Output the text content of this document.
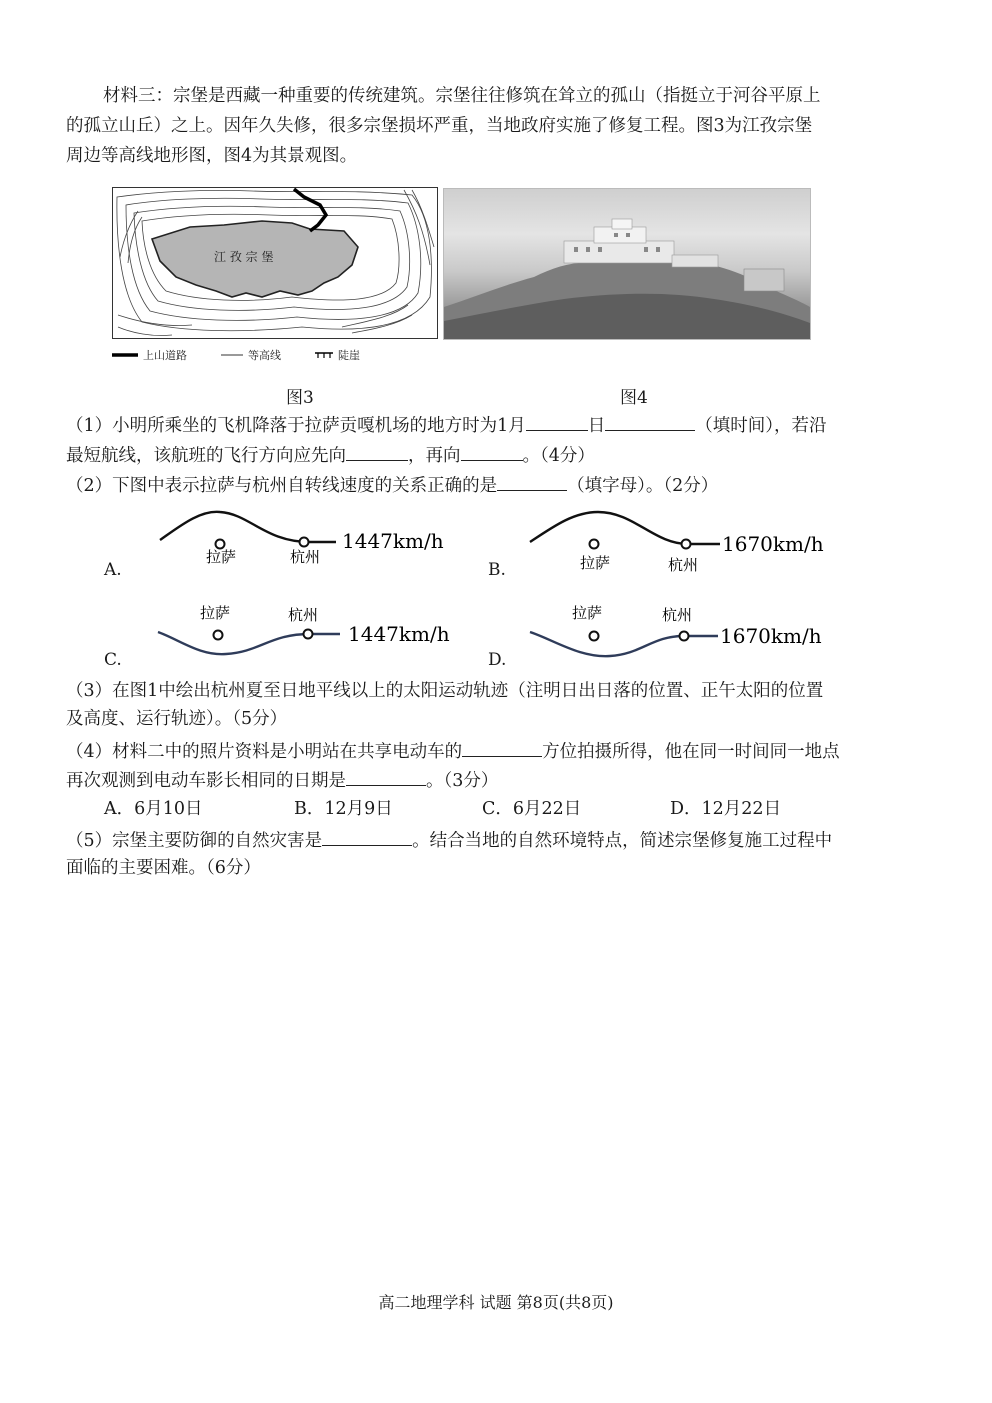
材料三：宗堡是西藏一种重要的传统建筑。宗堡往往修筑在耸立的孤山（指挺立于河谷平原上
的孤立山丘）之上。因年久失修，很多宗堡损坏严重，当地政府实施了修复工程。图3为江孜宗堡
周边等高线地形图，图4为其景观图。
江 孜 宗 堡
上山道路	等高线	陡崖
图3	图4
（1）小明所乘坐的飞机降落于拉萨贡嘎机场的地方时为1月	日	（填时间），若沿
最短航线，该航班的飞行方向应先向	，再向	。（4分）
（2）下图中表示拉萨与杭州自转线速度的关系正确的是	（填字母）。（2分）
A.
拉萨	杭州
1447km/h
B.	拉萨	杭州
1670km/h
C.
拉萨	杭州
1447km/h
D.
拉萨	杭州
1670km/h
（3）在图1中绘出杭州夏至日地平线以上的太阳运动轨迹（注明日出日落的位置、正午太阳的位置
及高度、运行轨迹）。（5分）
（4）材料二中的照片资料是小明站在共享电动车的	方位拍摄所得，他在同一时间同一地点
再次观测到电动车影长相同的日期是	。（3分）
A．6月10日	B．12月9日	C．6月22日	D．12月22日
（5）宗堡主要防御的自然灾害是	。结合当地的自然环境特点，简述宗堡修复施工过程中
面临的主要困难。（6分）
高二地理学科 试题 第8页(共8页)
